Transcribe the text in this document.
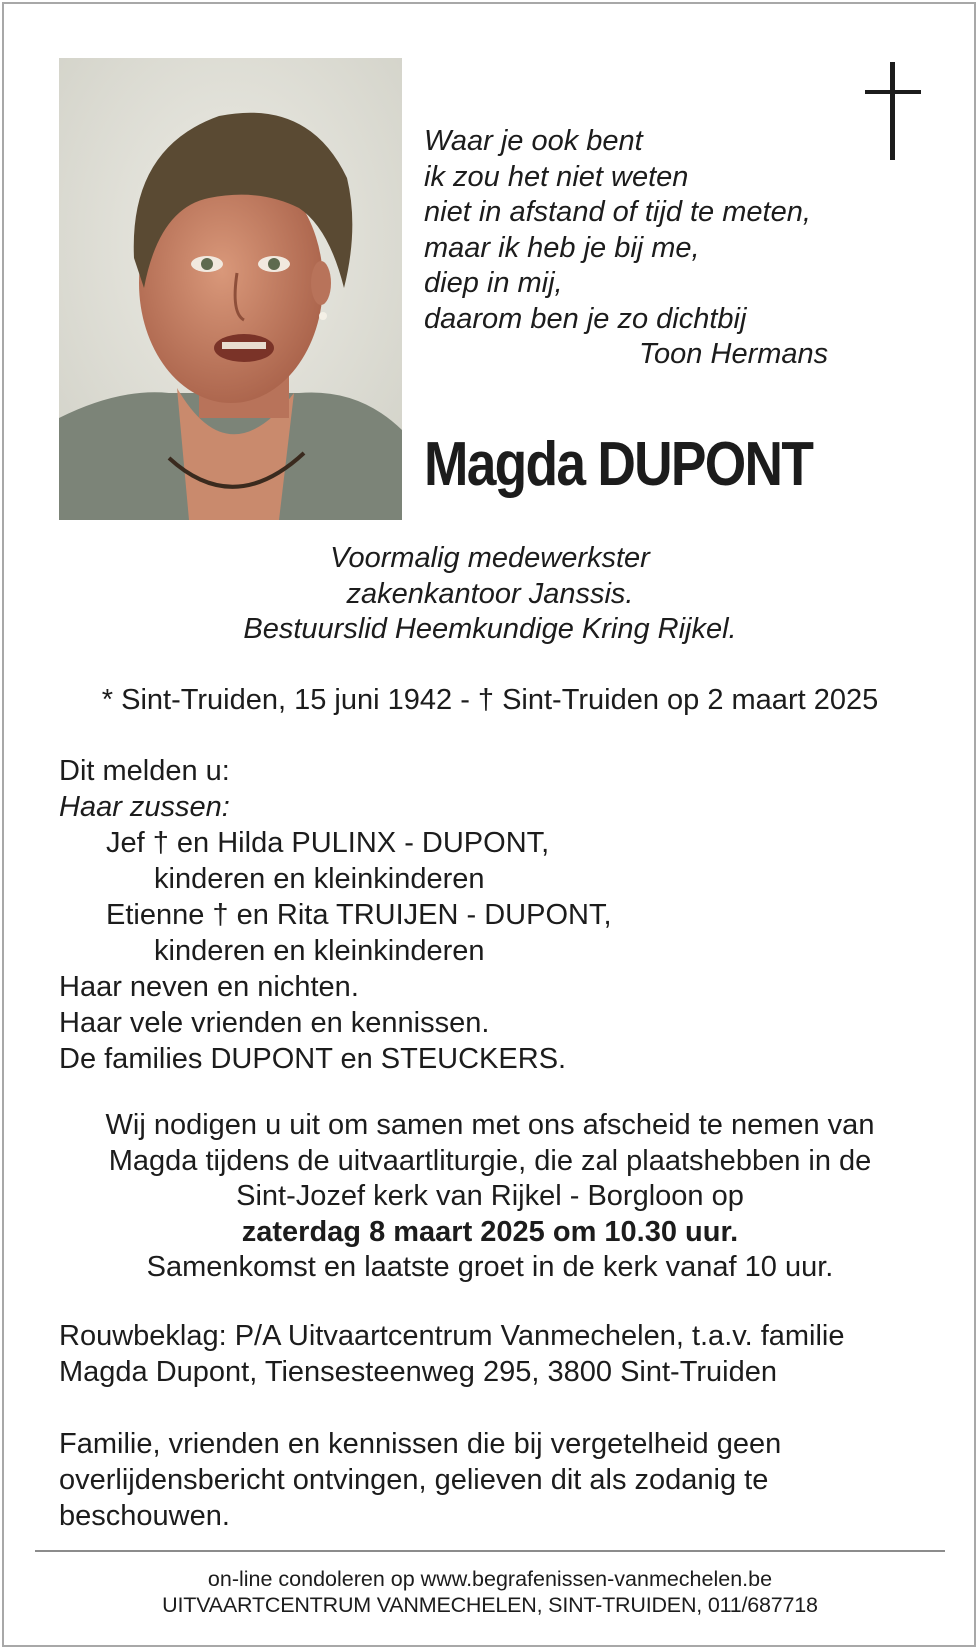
Waar je ook bent
ik zou het niet weten
niet in afstand of tijd te meten,
maar ik heb je bij me,
diep in mij,
daarom ben je zo dichtbij
Toon Hermans
Magda DUPONT
Voormalig medewerkster
zakenkantoor Janssis.
Bestuurslid Heemkundige Kring Rijkel.
* Sint-Truiden, 15 juni 1942 - † Sint-Truiden op 2 maart 2025
Dit melden u:
Haar zussen:
Jef † en Hilda PULINX - DUPONT,
kinderen en kleinkinderen
Etienne † en Rita TRUIJEN - DUPONT,
kinderen en kleinkinderen
Haar neven en nichten.
Haar vele vrienden en kennissen.
De families DUPONT en STEUCKERS.
Wij nodigen u uit om samen met ons afscheid te nemen van
Magda tijdens de uitvaartliturgie, die zal plaatshebben in de
Sint-Jozef kerk van Rijkel - Borgloon op
zaterdag 8 maart 2025 om 10.30 uur.
Samenkomst en laatste groet in de kerk vanaf 10 uur.
Rouwbeklag: P/A Uitvaartcentrum Vanmechelen, t.a.v. familie
Magda Dupont, Tiensesteenweg 295, 3800 Sint-Truiden
Familie, vrienden en kennissen die bij vergetelheid geen
overlijdensbericht ontvingen, gelieven dit als zodanig te
beschouwen.
on-line condoleren op www.begrafenissen-vanmechelen.be
UITVAARTCENTRUM VANMECHELEN, SINT-TRUIDEN, 011/687718
